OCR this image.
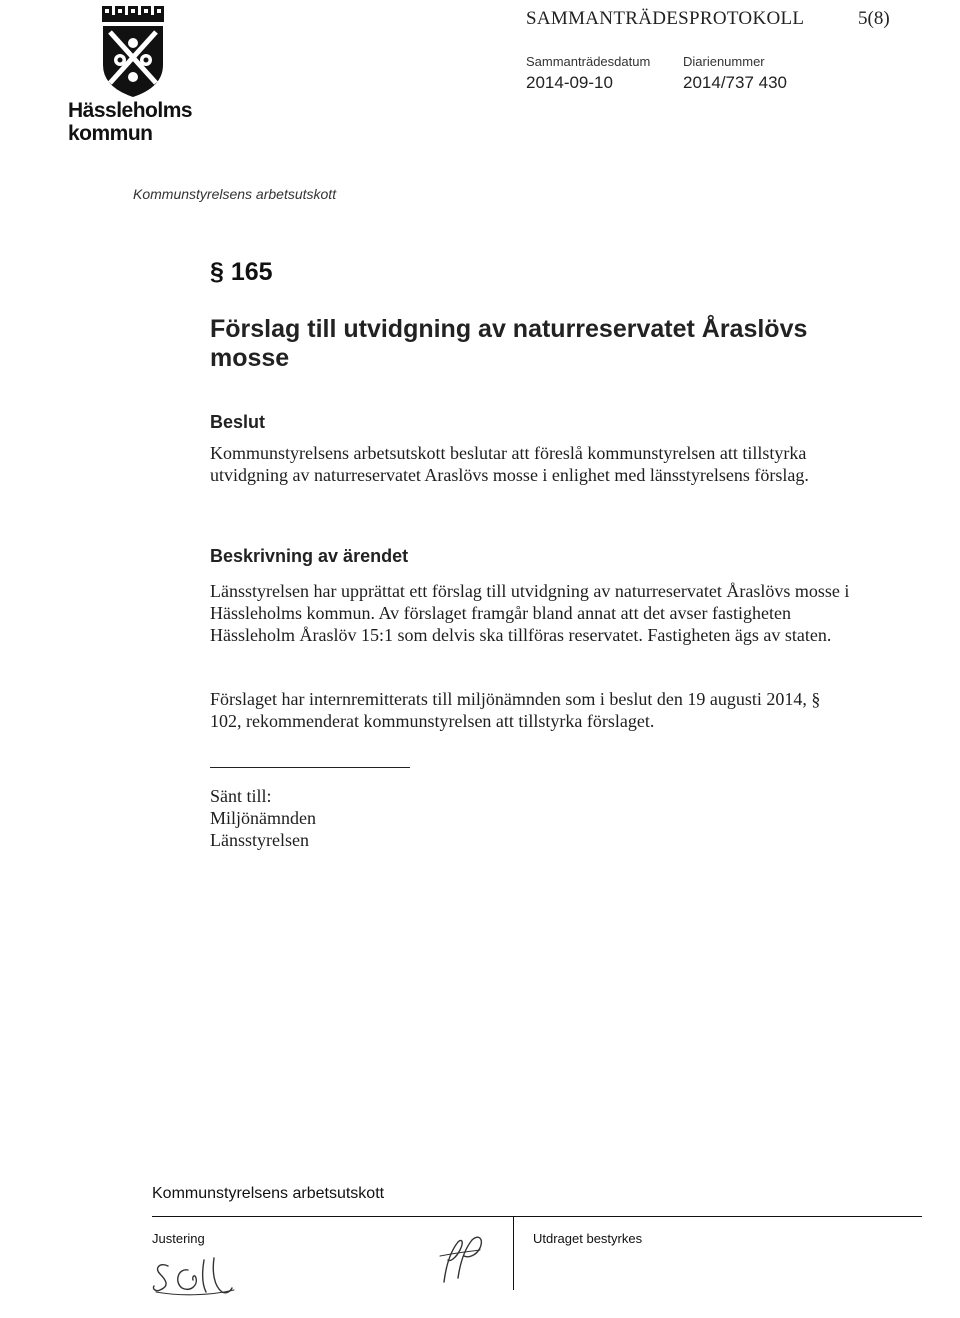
Hässleholms
kommun
SAMMANTRÄDESPROTOKOLL	5(8)
Sammanträdesdatum
2014-09-10
Diarienummer
2014/737 430
Kommunstyrelsens arbetsutskott
§ 165
Förslag till utvidgning av naturreservatet Åraslövs mosse
Beslut

Kommunstyrelsens arbetsutskott beslutar att föreslå kommunstyrelsen att tillstyrka utvidgning av naturreservatet Araslövs mosse i enlighet med länsstyrelsens förslag.

Beskrivning av ärendet

Länsstyrelsen har upprättat ett förslag till utvidgning av naturreservatet Åraslövs mosse i Hässleholms kommun. Av förslaget framgår bland annat att det avser fastigheten Hässleholm Åraslöv 15:1 som delvis ska tillföras reservatet. Fastigheten ägs av staten.

Förslaget har internremitterats till miljönämnden som i beslut den 19 augusti 2014, § 102, rekommenderat kommunstyrelsen att tillstyrka förslaget.

Sänt till:
Miljönämnden
Länsstyrelsen
Kommunstyrelsens arbetsutskott
Justering	Utdraget bestyrkes
